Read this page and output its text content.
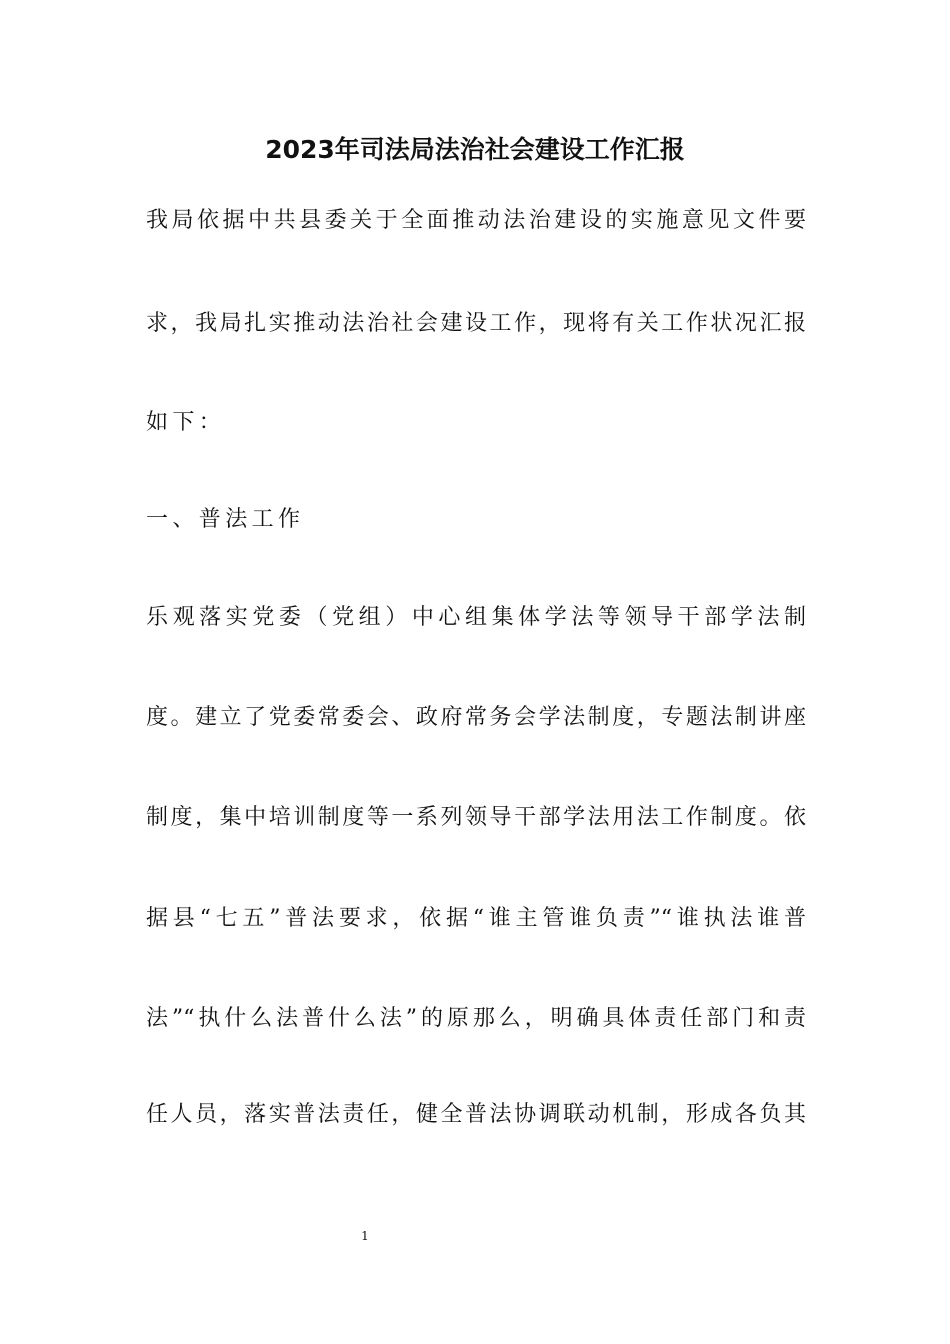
2023年司法局法治社会建设工作汇报
我局依据中共县委关于全面推动法治建设的实施意见文件要
求，我局扎实推动法治社会建设工作，现将有关工作状况汇报
如下：
一、普法工作
乐观落实党委（党组）中心组集体学法等领导干部学法制
度。建立了党委常委会、政府常务会学法制度，专题法制讲座
制度，集中培训制度等一系列领导干部学法用法工作制度。依
据县“七五”普法要求，依据“谁主管谁负责”“谁执法谁普
法”“执什么法普什么法”的原那么，明确具体责任部门和责
任人员，落实普法责任，健全普法协调联动机制，形成各负其
1
